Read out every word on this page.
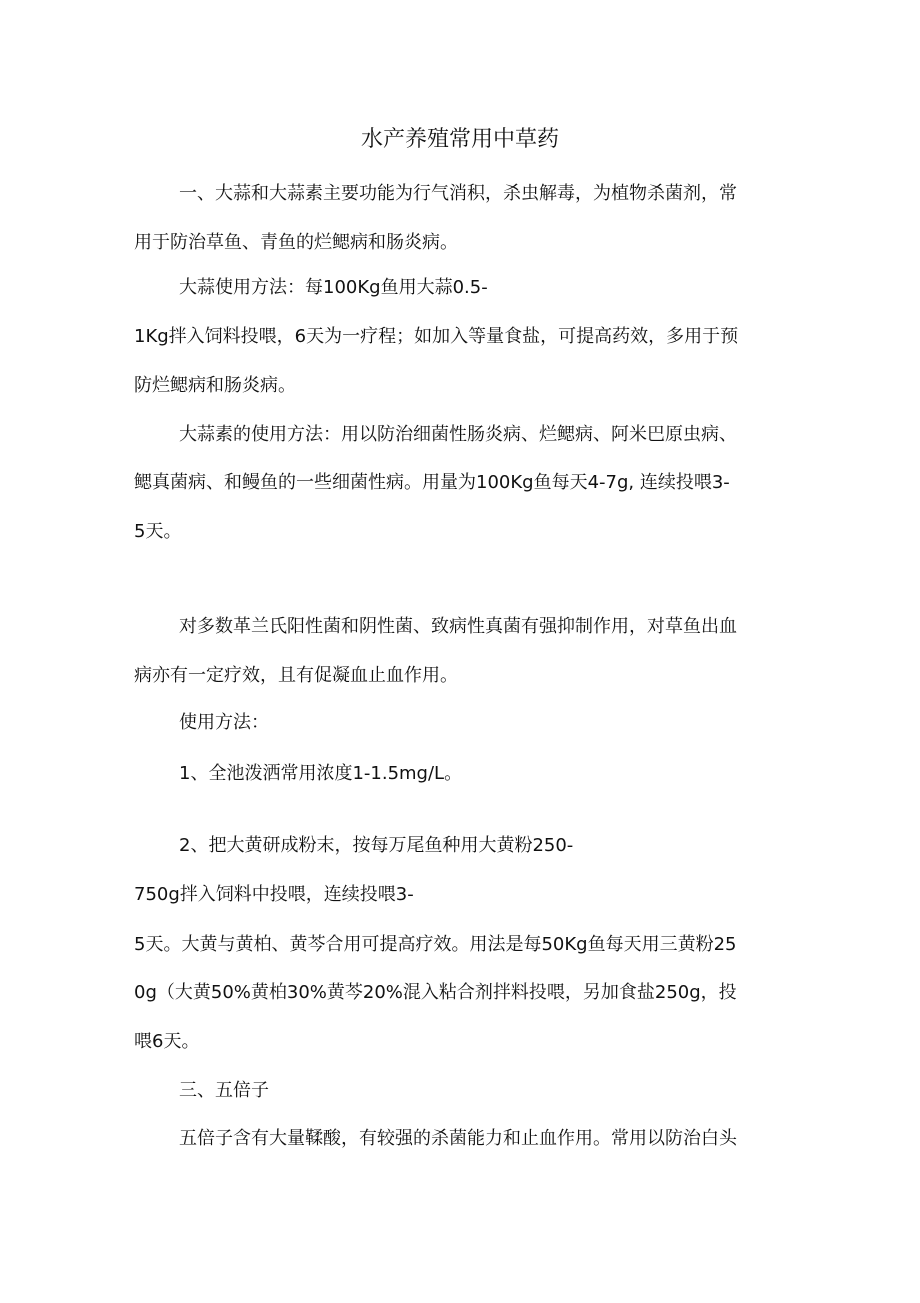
水产养殖常用中草药

一、大蒜和大蒜素主要功能为行气消积，杀虫解毒，为植物杀菌剂，常

用于防治草鱼、青鱼的烂鳃病和肠炎病。

大蒜使用方法：每100Kg鱼用大蒜0.5-

1Kg拌入饲料投喂，6天为一疗程；如加入等量食盐，可提高药效，多用于预

防烂鳃病和肠炎病。

大蒜素的使用方法：用以防治细菌性肠炎病、烂鳃病、阿米巴原虫病、

鳃真菌病、和鳗鱼的一些细菌性病。用量为100Kg鱼每天4-7g, 连续投喂3-

5天。

对多数革兰氏阳性菌和阴性菌、致病性真菌有强抑制作用，对草鱼出血

病亦有一定疗效，且有促凝血止血作用。

使用方法：

1、全池泼洒常用浓度1-1.5mg/L。

2、把大黄研成粉末，按每万尾鱼种用大黄粉250-

750g拌入饲料中投喂，连续投喂3-

5天。大黄与黄柏、黄芩合用可提高疗效。用法是每50Kg鱼每天用三黄粉25

0g（大黄50%黄柏30%黄芩20%混入粘合剂拌料投喂，另加食盐250g，投

喂6天。

三、五倍子

五倍子含有大量鞣酸，有较强的杀菌能力和止血作用。常用以防治白头
